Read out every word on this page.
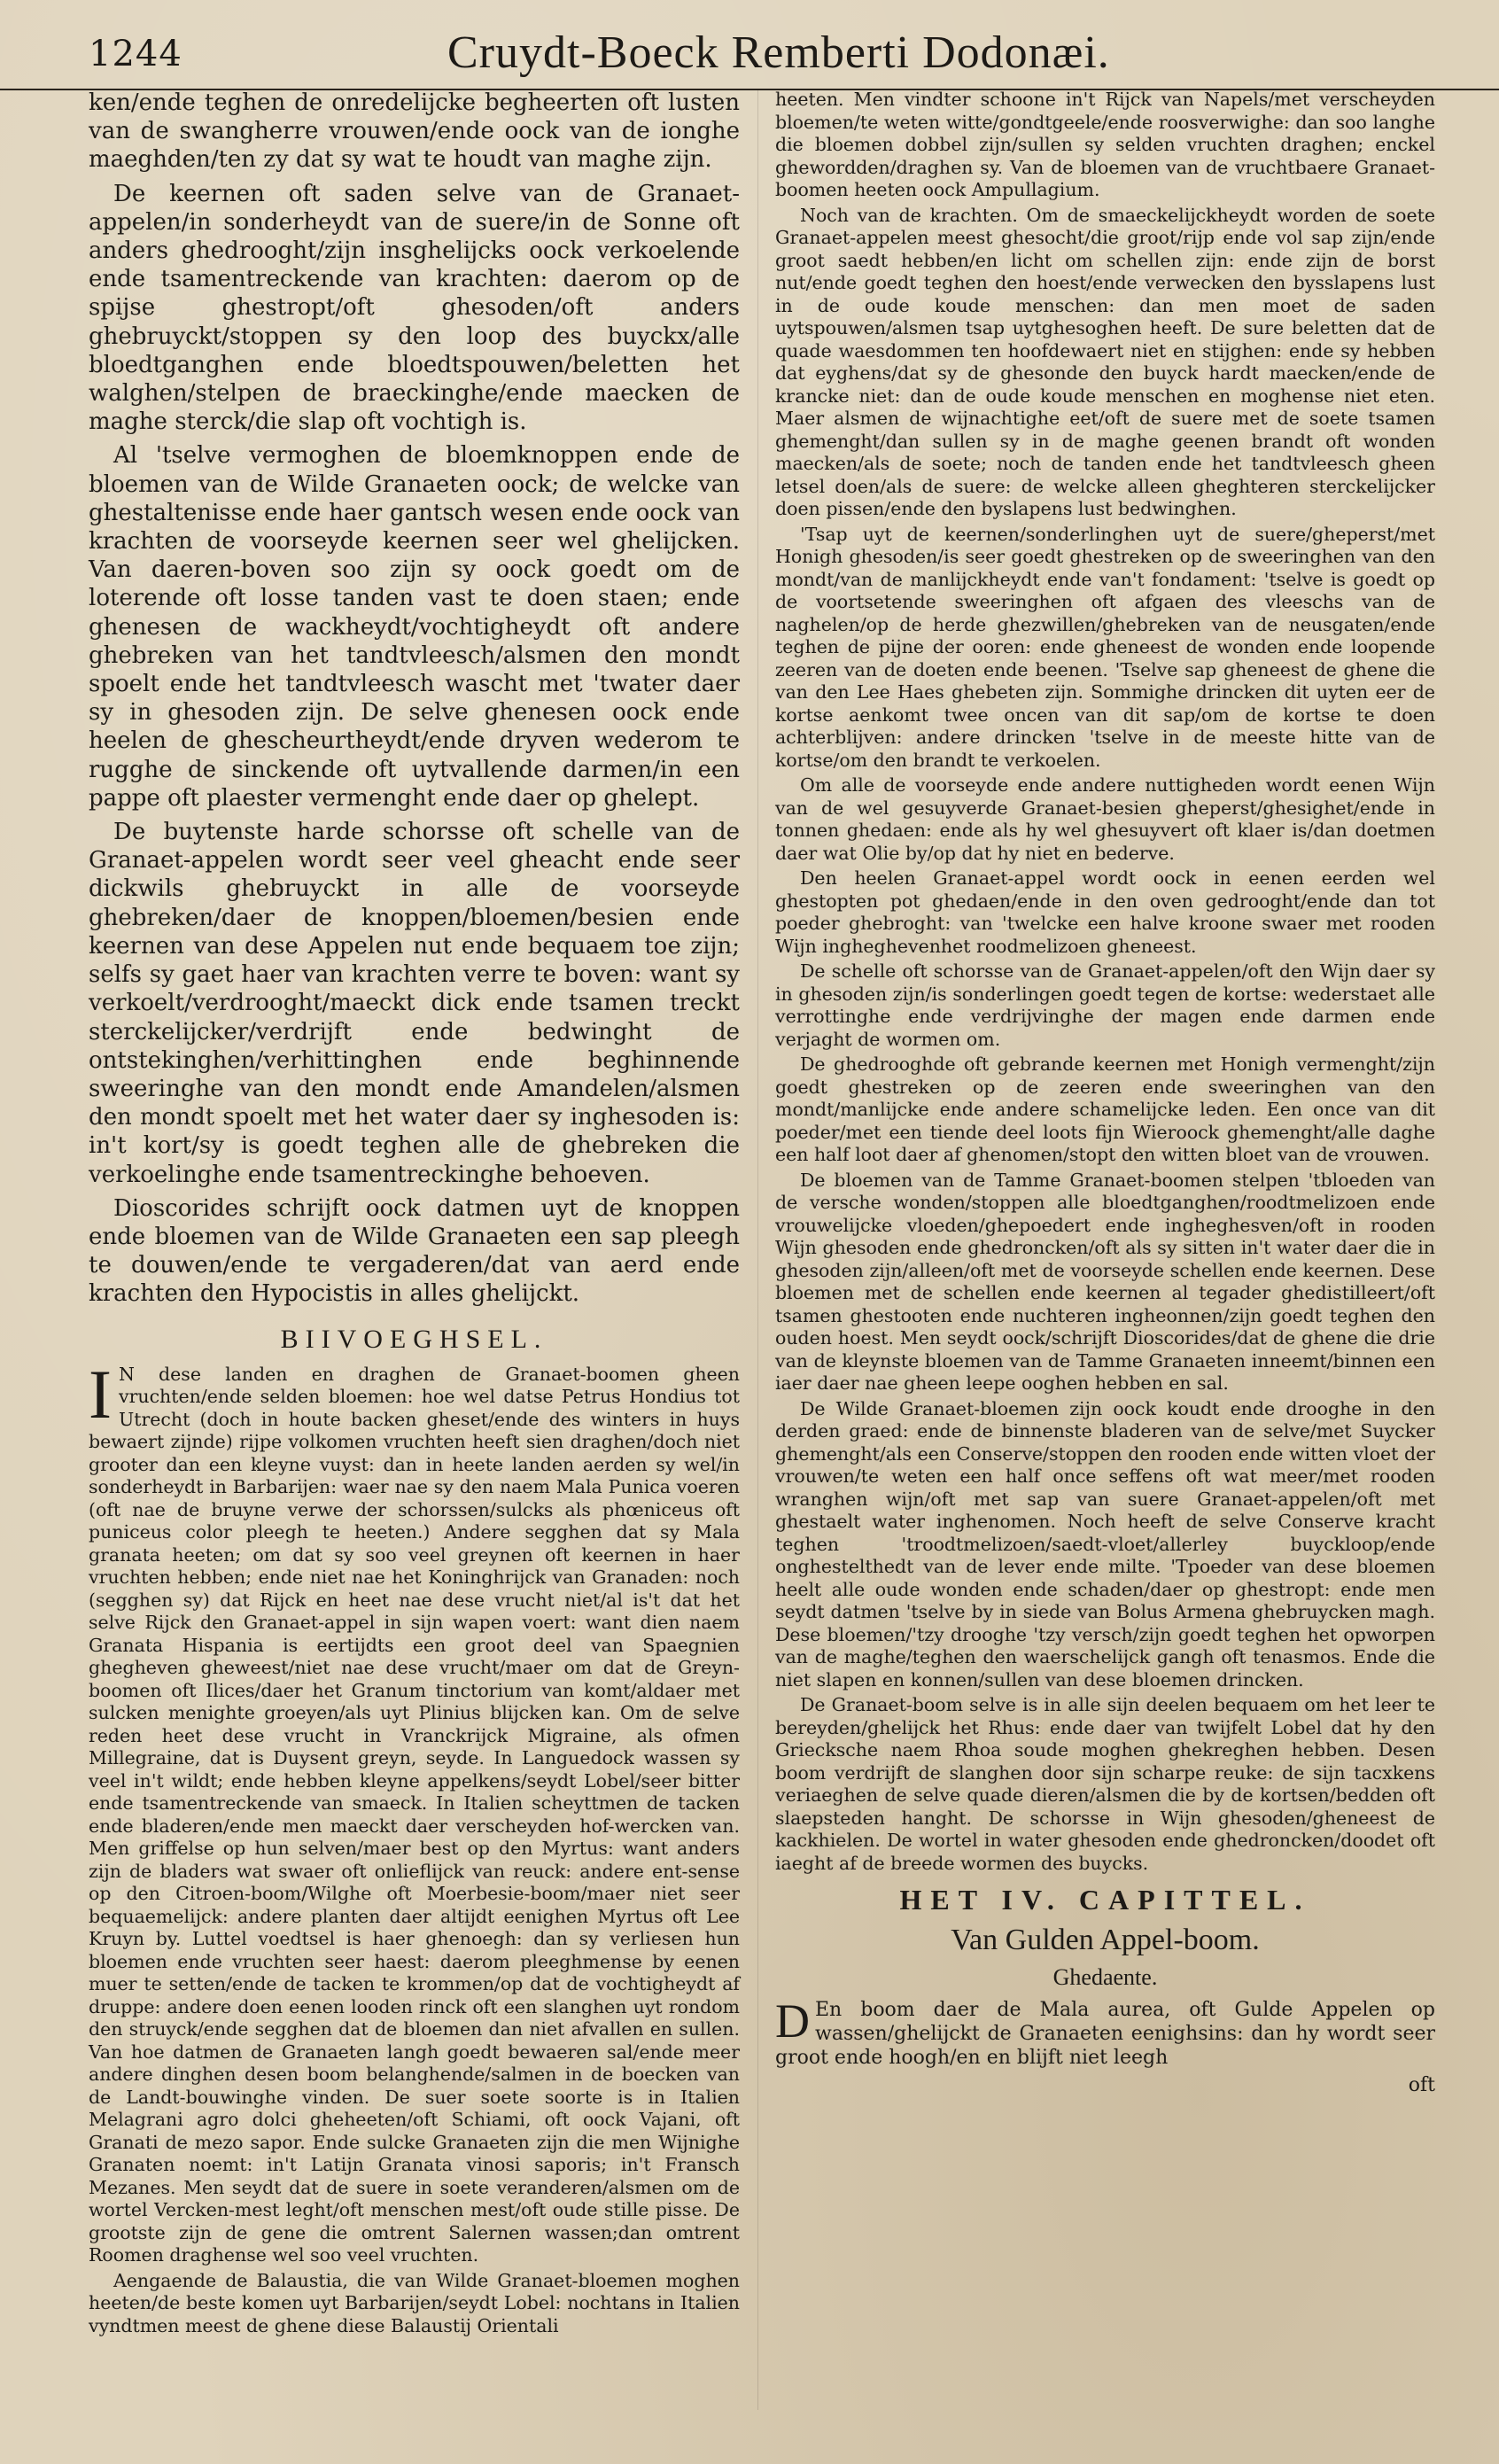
1244	Cruydt-Boeck Remberti Dodonæi.

ken/ende teghen de onredelijcke begheerten oft lusten van de swangherre vrouwen/ende oock van de ionghe maeghden/ten zy dat sy wat te houdt van maghe zijn.

De keernen oft saden selve van de Granaet-appelen/in sonderheydt van de suere/in de Sonne oft anders ghedrooght/zijn insghelijcks oock verkoelende ende tsamentreckende van krachten: daerom op de spijse ghestropt/oft ghesoden/oft anders ghebruyckt/stoppen sy den loop des buyckx/alle bloedtganghen ende bloedtspouwen/beletten het walghen/stelpen de braeckinghe/ende maecken de maghe sterck/die slap oft vochtigh is.

Al 'tselve vermoghen de bloemknoppen ende de bloemen van de Wilde Granaeten oock; de welcke van ghestaltenisse ende haer gantsch wesen ende oock van krachten de voorseyde keernen seer wel ghelijcken. Van daeren-boven soo zijn sy oock goedt om de loterende oft losse tanden vast te doen staen; ende ghenesen de wackheydt/vochtigheydt oft andere ghebreken van het tandtvleesch/alsmen den mondt spoelt ende het tandtvleesch wascht met 'twater daer sy in ghesoden zijn. De selve ghenesen oock ende heelen de ghescheurtheydt/ende dryven wederom te rugghe de sinckende oft uytvallende darmen/in een pappe oft plaester vermenght ende daer op ghelept.

De buytenste harde schorsse oft schelle van de Granaet-appelen wordt seer veel gheacht ende seer dickwils ghebruyckt in alle de voorseyde ghebreken/daer de knoppen/bloemen/besien ende keernen van dese Appelen nut ende bequaem toe zijn; selfs sy gaet haer van krachten verre te boven: want sy verkoelt/verdrooght/maeckt dick ende tsamen treckt sterckelijcker/verdrijft ende bedwinght de ontstekinghen/verhittinghen ende beghinnende sweeringhe van den mondt ende Amandelen/alsmen den mondt spoelt met het water daer sy inghesoden is: in't kort/sy is goedt teghen alle de ghebreken die verkoelinghe ende tsamentreckinghe behoeven.

Dioscorides schrijft oock datmen uyt de knoppen ende bloemen van de Wilde Granaeten een sap pleegh te douwen/ende te vergaderen/dat van aerd ende krachten den Hypocistis in alles ghelijckt.

BIIVOEGHSEL.

I N dese landen en draghen de Granaet-boomen gheen vruchten/ende selden bloemen: hoe wel datse Petrus Hondius tot Utrecht (doch in houte backen gheset/ende des winters in huys bewaert zijnde) rijpe volkomen vruchten heeft sien draghen/doch niet grooter dan een kleyne vuyst: dan in heete landen aerden sy wel/in sonderheydt in Barbarijen: waer nae sy den naem Mala Punica voeren (oft nae de bruyne verwe der schorssen/sulcks als phœniceus oft puniceus color pleegh te heeten.) Andere segghen dat sy Mala granata heeten; om dat sy soo veel greynen oft keernen in haer vruchten hebben; ende niet nae het Koninghrijck van Granaden: noch (segghen sy) dat Rijck en heet nae dese vrucht niet/al is't dat het selve Rijck den Granaet-appel in sijn wapen voert: want dien naem Granata Hispania is eertijdts een groot deel van Spaegnien ghegheven gheweest/niet nae dese vrucht/maer om dat de Greyn-boomen oft Ilices/daer het Granum tinctorium van komt/aldaer met sulcken menighte groeyen/als uyt Plinius blijcken kan. Om de selve reden heet dese vrucht in Vranckrijck Migraine, als ofmen Millegraine, dat is Duysent greyn, seyde. In Languedock wassen sy veel in't wildt; ende hebben kleyne appelkens/seydt Lobel/seer bitter ende tsamentreckende van smaeck. In Italien scheyttmen de tacken ende bladeren/ende men maeckt daer verscheyden hof-wercken van. Men griffelse op hun selven/maer best op den Myrtus: want anders zijn de bladers wat swaer oft onlieflijck van reuck: andere ent-sense op den Citroen-boom/Wilghe oft Moerbesie-boom/maer niet seer bequaemelijck: andere planten daer altijdt eenighen Myrtus oft Lee Kruyn by. Luttel voedtsel is haer ghenoegh: dan sy verliesen hun bloemen ende vruchten seer haest: daerom pleeghmense by eenen muer te setten/ende de tacken te krommen/op dat de vochtigheydt af druppe: andere doen eenen looden rinck oft een slanghen uyt rondom den struyck/ende segghen dat de bloemen dan niet afvallen en sullen. Van hoe datmen de Granaeten langh goedt bewaeren sal/ende meer andere dinghen desen boom belanghende/salmen in de boecken van de Landt-bouwinghe vinden. De suer soete soorte is in Italien Melagrani agro dolci gheheeten/oft Schiami, oft oock Vajani, oft Granati de mezo sapor. Ende sulcke Granaeten zijn die men Wijnighe Granaten noemt: in't Latijn Granata vinosi saporis; in't Fransch Mezanes. Men seydt dat de suere in soete veranderen/alsmen om de wortel Vercken-mest leght/oft menschen mest/oft oude stille pisse. De grootste zijn de gene die omtrent Salernen wassen;dan omtrent Roomen draghense wel soo veel vruchten.

Aengaende de Balaustia, die van Wilde Granaet-bloemen moghen heeten/de beste komen uyt Barbarijen/seydt Lobel: nochtans in Italien vyndtmen meest de ghene diese Balaustij Orientali

heeten. Men vindter schoone in't Rijck van Napels/met verscheyden bloemen/te weten witte/gondtgeele/ende roosverwighe: dan soo langhe die bloemen dobbel zijn/sullen sy selden vruchten draghen; enckel ghewordden/draghen sy. Van de bloemen van de vruchtbaere Granaet-boomen heeten oock Ampullagium.

Noch van de krachten. Om de smaeckelijckheydt worden de soete Granaet-appelen meest ghesocht/die groot/rijp ende vol sap zijn/ende groot saedt hebben/en licht om schellen zijn: ende zijn de borst nut/ende goedt teghen den hoest/ende verwecken den bysslapens lust in de oude koude menschen: dan men moet de saden uytspouwen/alsmen tsap uytghesoghen heeft. De sure beletten dat de quade waesdommen ten hoofdewaert niet en stijghen: ende sy hebben dat eyghens/dat sy de ghesonde den buyck hardt maecken/ende de krancke niet: dan de oude koude menschen en moghense niet eten. Maer alsmen de wijnachtighe eet/oft de suere met de soete tsamen ghemenght/dan sullen sy in de maghe geenen brandt oft wonden maecken/als de soete; noch de tanden ende het tandtvleesch gheen letsel doen/als de suere: de welcke alleen gheghteren sterckelijcker doen pissen/ende den byslapens lust bedwinghen.

'Tsap uyt de keernen/sonderlinghen uyt de suere/gheperst/met Honigh ghesoden/is seer goedt ghestreken op de sweeringhen van den mondt/van de manlijckheydt ende van't fondament: 'tselve is goedt op de voortsetende sweeringhen oft afgaen des vleeschs van de naghelen/op de herde ghezwillen/ghebreken van de neusgaten/ende teghen de pijne der ooren: ende gheneest de wonden ende loopende zeeren van de doeten ende beenen. 'Tselve sap gheneest de ghene die van den Lee Haes ghebeten zijn. Sommighe drincken dit uyten eer de kortse aenkomt twee oncen van dit sap/om de kortse te doen achterblijven: andere drincken 'tselve in de meeste hitte van de kortse/om den brandt te verkoelen.

Om alle de voorseyde ende andere nuttigheden wordt eenen Wijn van de wel gesuyverde Granaet-besien gheperst/ghesighet/ende in tonnen ghedaen: ende als hy wel ghesuyvert oft klaer is/dan doetmen daer wat Olie by/op dat hy niet en bederve.

Den heelen Granaet-appel wordt oock in eenen eerden wel ghestopten pot ghedaen/ende in den oven gedrooght/ende dan tot poeder ghebroght: van 'twelcke een halve kroone swaer met rooden Wijn ingheghevenhet roodmelizoen gheneest.

De schelle oft schorsse van de Granaet-appelen/oft den Wijn daer sy in ghesoden zijn/is sonderlingen goedt tegen de kortse: wederstaet alle verrottinghe ende verdrijvinghe der magen ende darmen ende verjaght de wormen om.

De ghedrooghde oft gebrande keernen met Honigh vermenght/zijn goedt ghestreken op de zeeren ende sweeringhen van den mondt/manlijcke ende andere schamelijcke leden. Een once van dit poeder/met een tiende deel loots fijn Wieroock ghemenght/alle daghe een half loot daer af ghenomen/stopt den witten bloet van de vrouwen.

De bloemen van de Tamme Granaet-boomen stelpen 'tbloeden van de versche wonden/stoppen alle bloedtganghen/roodtmelizoen ende vrouwelijcke vloeden/ghepoedert ende ingheghesven/oft in rooden Wijn ghesoden ende ghedroncken/oft als sy sitten in't water daer die in ghesoden zijn/alleen/oft met de voorseyde schellen ende keernen. Dese bloemen met de schellen ende keernen al tegader ghedistilleert/oft tsamen ghestooten ende nuchteren ingheonnen/zijn goedt teghen den ouden hoest. Men seydt oock/schrijft Dioscorides/dat de ghene die drie van de kleynste bloemen van de Tamme Granaeten inneemt/binnen een iaer daer nae gheen leepe ooghen hebben en sal.

De Wilde Granaet-bloemen zijn oock koudt ende drooghe in den derden graed: ende de binnenste bladeren van de selve/met Suycker ghemenght/als een Conserve/stoppen den rooden ende witten vloet der vrouwen/te weten een half once seffens oft wat meer/met rooden wranghen wijn/oft met sap van suere Granaet-appelen/oft met ghestaelt water inghenomen. Noch heeft de selve Conserve kracht teghen 'troodtmelizoen/saedt-vloet/allerley buyckloop/ende onghestelthedt van de lever ende milte. 'Tpoeder van dese bloemen heelt alle oude wonden ende schaden/daer op ghestropt: ende men seydt datmen 'tselve by in siede van Bolus Armena ghebruycken magh. Dese bloemen/'tzy drooghe 'tzy versch/zijn goedt teghen het opworpen van de maghe/teghen den waerschelijck gangh oft tenasmos. Ende die niet slapen en konnen/sullen van dese bloemen drincken.

De Granaet-boom selve is in alle sijn deelen bequaem om het leer te bereyden/ghelijck het Rhus: ende daer van twijfelt Lobel dat hy den Griecksche naem Rhoa soude moghen ghekreghen hebben. Desen boom verdrijft de slanghen door sijn scharpe reuke: de sijn tacxkens veriaeghen de selve quade dieren/alsmen die by de kortsen/bedden oft slaepsteden hanght. De schorsse in Wijn ghesoden/gheneest de kackhielen. De wortel in water ghesoden ende ghedroncken/doodet oft iaeght af de breede wormen des buycks.

HET IV. CAPITTEL.
Van Gulden Appel-boom.
Ghedaente.

D En boom daer de Mala aurea, oft Gulde Appelen op wassen/ghelijckt de Granaeten eenighsins: dan hy wordt seer groot ende hoogh/en en blijft niet leegh

oft
